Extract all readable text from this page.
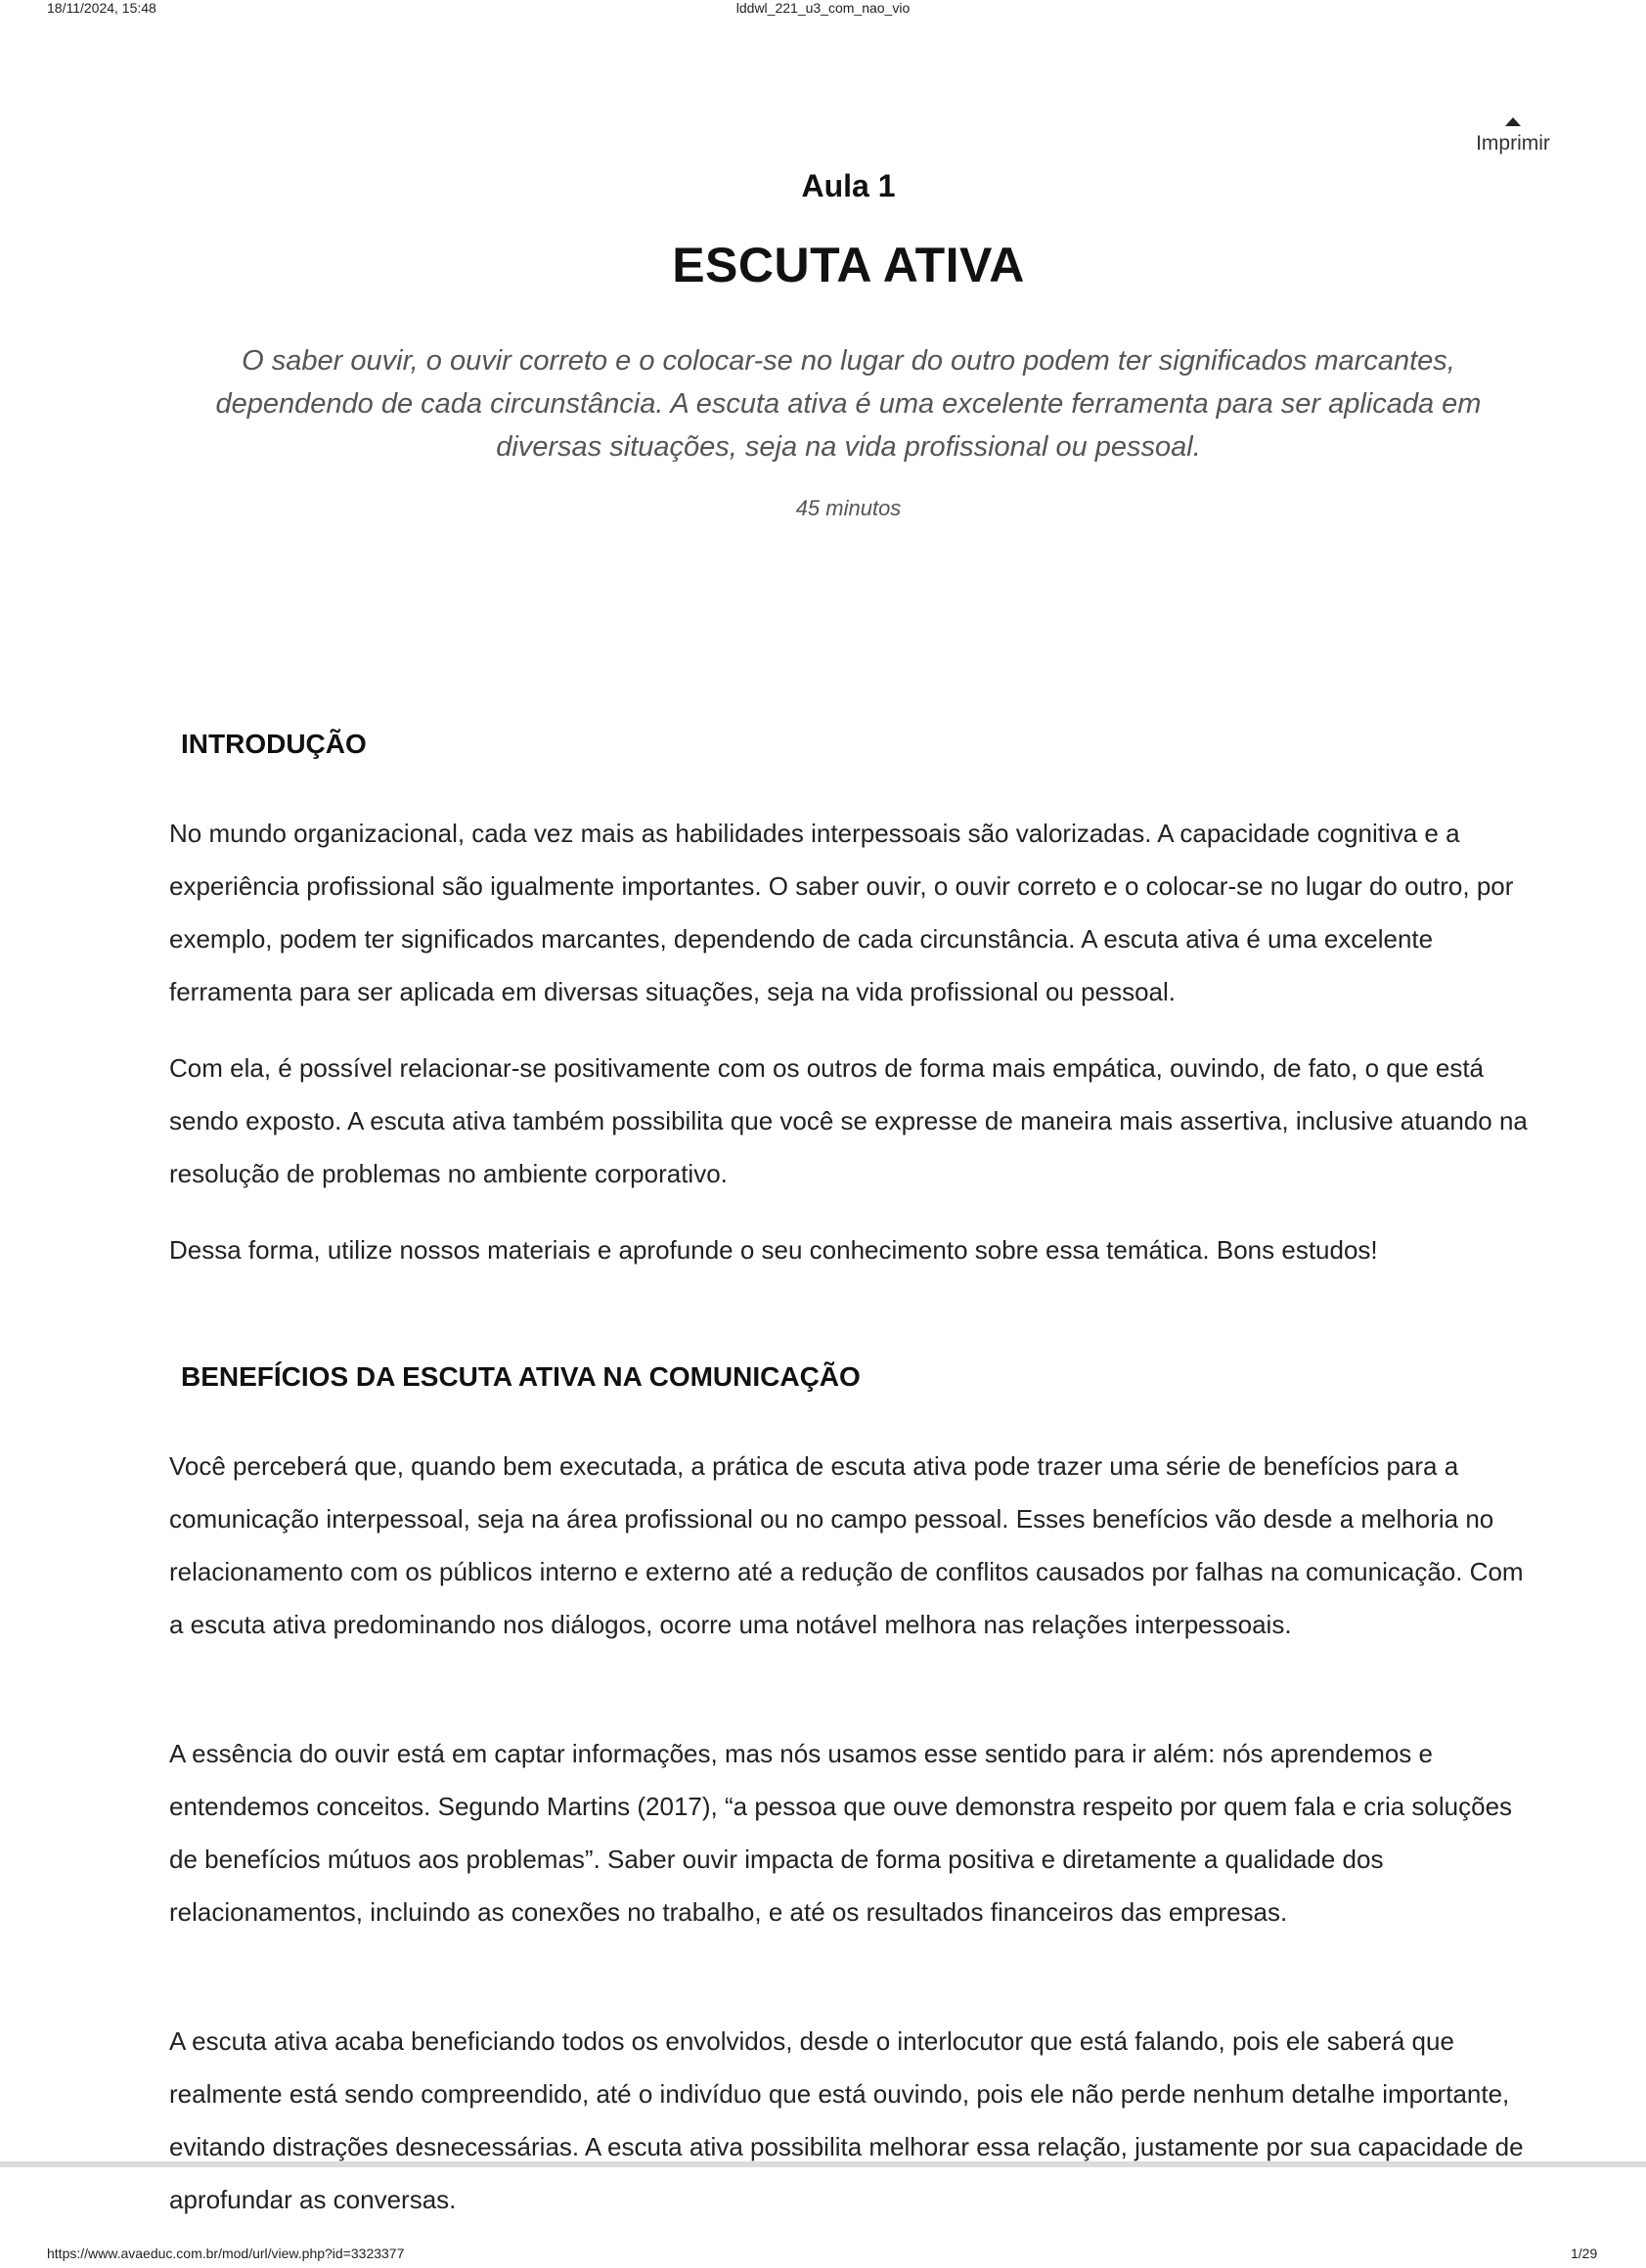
18/11/2024, 15:48	lddwl_221_u3_com_nao_vio
Imprimir
Aula 1
ESCUTA ATIVA
O saber ouvir, o ouvir correto e o colocar-se no lugar do outro podem ter significados marcantes, dependendo de cada circunstância. A escuta ativa é uma excelente ferramenta para ser aplicada em diversas situações, seja na vida profissional ou pessoal.
45 minutos
INTRODUÇÃO

No mundo organizacional, cada vez mais as habilidades interpessoais são valorizadas. A capacidade cognitiva e a experiência profissional são igualmente importantes. O saber ouvir, o ouvir correto e o colocar-se no lugar do outro, por exemplo, podem ter significados marcantes, dependendo de cada circunstância. A escuta ativa é uma excelente ferramenta para ser aplicada em diversas situações, seja na vida profissional ou pessoal.

Com ela, é possível relacionar-se positivamente com os outros de forma mais empática, ouvindo, de fato, o que está sendo exposto. A escuta ativa também possibilita que você se expresse de maneira mais assertiva, inclusive atuando na resolução de problemas no ambiente corporativo.

Dessa forma, utilize nossos materiais e aprofunde o seu conhecimento sobre essa temática. Bons estudos!

BENEFÍCIOS DA ESCUTA ATIVA NA COMUNICAÇÃO

Você perceberá que, quando bem executada, a prática de escuta ativa pode trazer uma série de benefícios para a comunicação interpessoal, seja na área profissional ou no campo pessoal. Esses benefícios vão desde a melhoria no relacionamento com os públicos interno e externo até a redução de conflitos causados por falhas na comunicação. Com a escuta ativa predominando nos diálogos, ocorre uma notável melhora nas relações interpessoais.

A essência do ouvir está em captar informações, mas nós usamos esse sentido para ir além: nós aprendemos e entendemos conceitos. Segundo Martins (2017), “a pessoa que ouve demonstra respeito por quem fala e cria soluções de benefícios mútuos aos problemas”. Saber ouvir impacta de forma positiva e diretamente a qualidade dos relacionamentos, incluindo as conexões no trabalho, e até os resultados financeiros das empresas.

A escuta ativa acaba beneficiando todos os envolvidos, desde o interlocutor que está falando, pois ele saberá que realmente está sendo compreendido, até o indivíduo que está ouvindo, pois ele não perde nenhum detalhe importante, evitando distrações desnecessárias. A escuta ativa possibilita melhorar essa relação, justamente por sua capacidade de aprofundar as conversas.

https://www.avaeduc.com.br/mod/url/view.php?id=3323377	1/29
